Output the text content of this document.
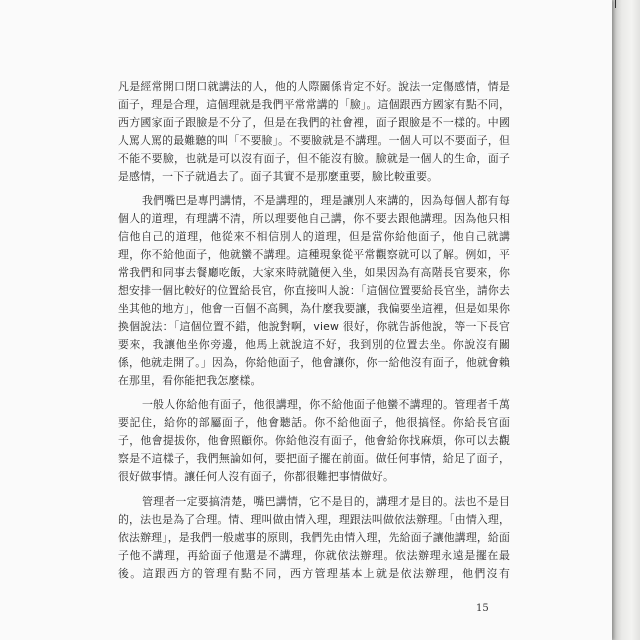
凡是經常開口閉口就講法的人，他的人際關係肯定不好。說法一定傷感情，情是面子，理是合理，這個理就是我們平常常講的「臉」。這個跟西方國家有點不同，西方國家面子跟臉是不分了，但是在我們的社會裡，面子跟臉是不一樣的。中國人罵人罵的最難聽的叫「不要臉」。不要臉就是不講理。一個人可以不要面子，但不能不要臉，也就是可以沒有面子，但不能沒有臉。臉就是一個人的生命，面子是感情，一下子就過去了。面子其實不是那麼重要，臉比較重要。

我們嘴巴是專門講情，不是講理的，理是讓別人來講的，因為每個人都有每個人的道理，有理講不清，所以理要他自己講，你不要去跟他講理。因為他只相信他自己的道理，他從來不相信別人的道理，但是當你給他面子，他自己就講理，你不給他面子，他就蠻不講理。這種現象從平常觀察就可以了解。例如，平常我們和同事去餐廳吃飯，大家來時就隨便入坐，如果因為有高階長官要來，你想安排一個比較好的位置給長官，你直接叫人說：「這個位置要給長官坐，請你去坐其他的地方」，他會一百個不高興，為什麼我要讓，我偏要坐這裡，但是如果你換個說法：「這個位置不錯，他說對啊，view 很好，你就告訴他說，等一下長官要來，我讓他坐你旁邊，他馬上就說這不好，我到別的位置去坐。你說沒有關係，他就走開了。」因為，你給他面子，他會讓你，你一給他沒有面子，他就會賴在那里，看你能把我怎麼樣。

一般人你給他有面子，他很講理，你不給他面子他蠻不講理的。管理者千萬要記住，給你的部屬面子，他會聽話。你不給他面子，他很搞怪。你給長官面子，他會提拔你，他會照顧你。你給他沒有面子，他會給你找麻煩，你可以去觀察是不這樣子，我們無論如何，要把面子擺在前面。做任何事情，給足了面子，很好做事情。讓任何人沒有面子，你都很難把事情做好。

管理者一定要搞清楚，嘴巴講情，它不是目的，講理才是目的。法也不是目的，法也是為了合理。情、理叫做由情入理，理跟法叫做依法辦理。「由情入理，依法辦理」，是我們一般處事的原則，我們先由情入理，先給面子讓他講理，給面子他不講理，再給面子他還是不講理，你就依法辦理。依法辦理永遠是擺在最後。這跟西方的管理有點不同，西方管理基本上就是依法辦理，他們沒有

15
